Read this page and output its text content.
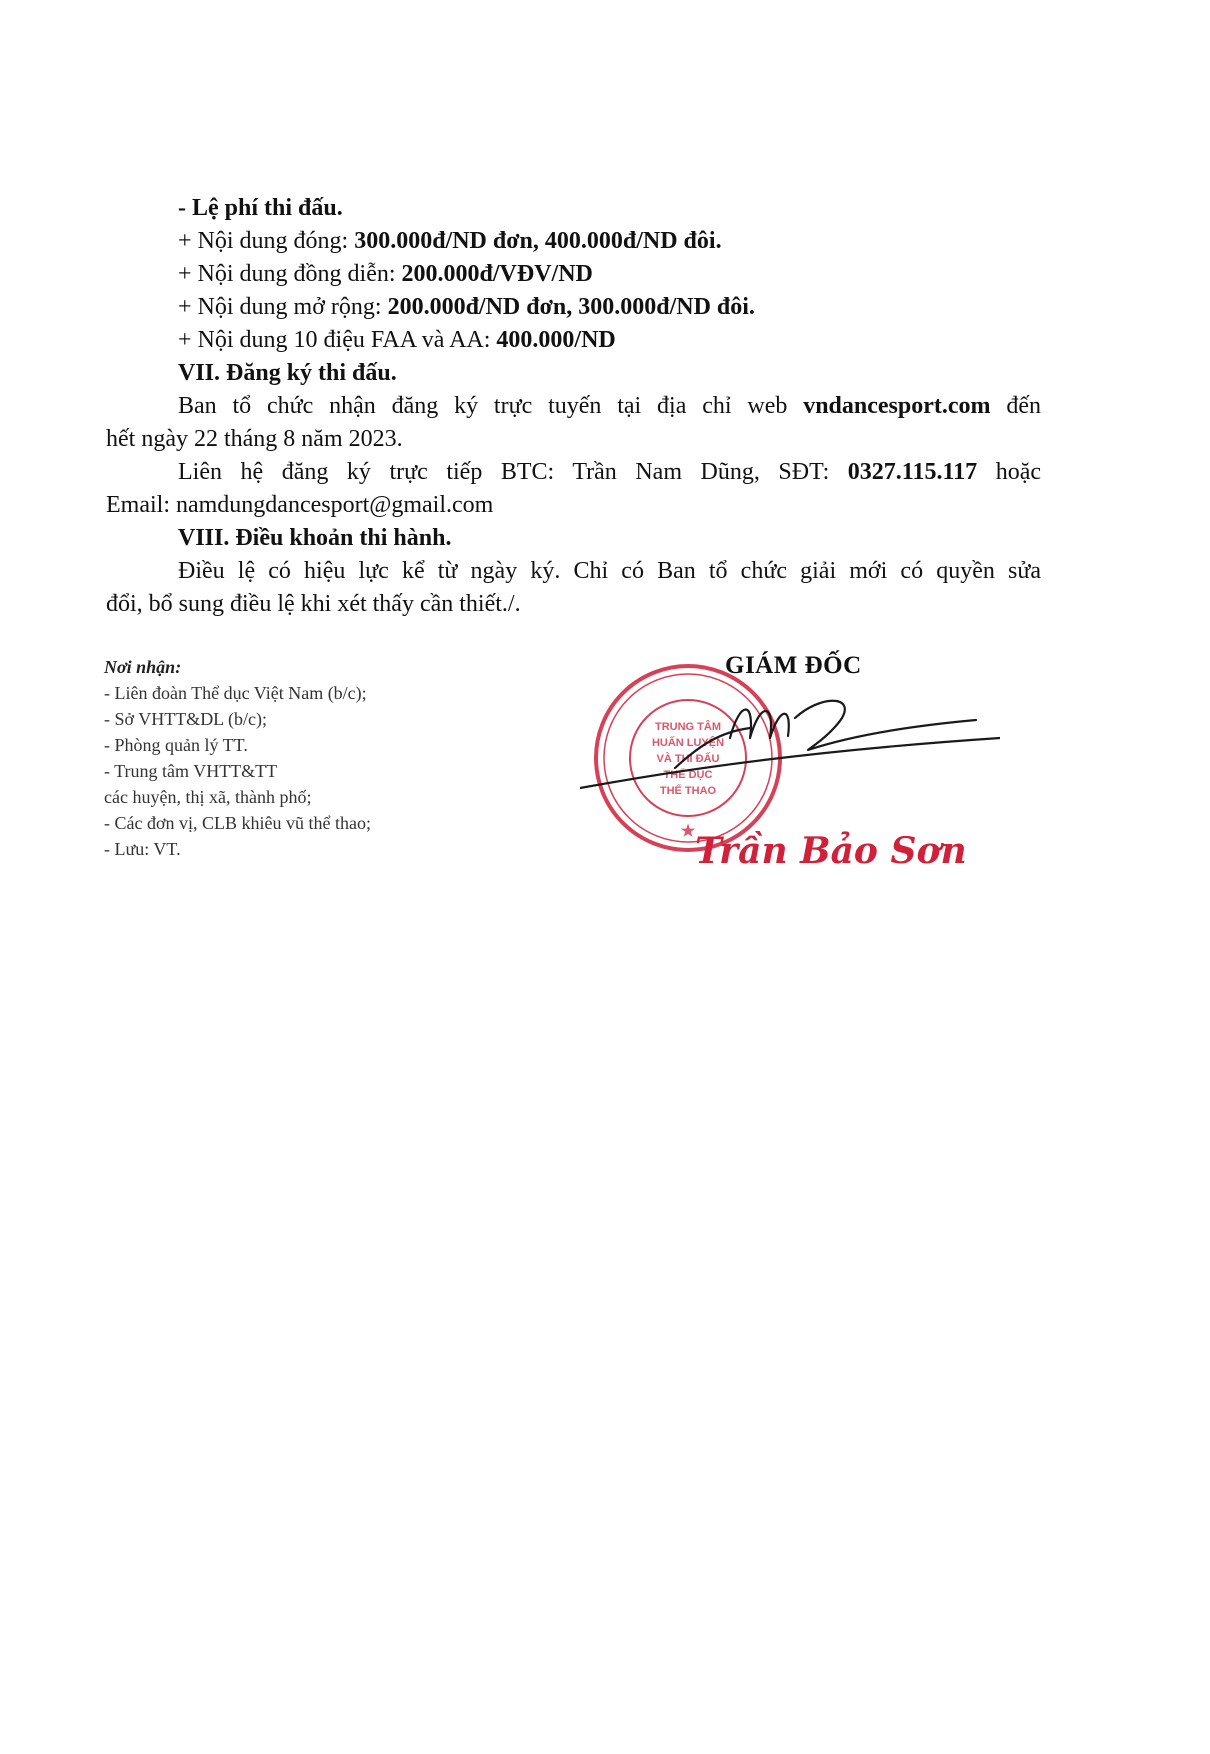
- Lệ phí thi đấu.
+ Nội dung đóng: 300.000đ/ND đơn, 400.000đ/ND đôi.
+ Nội dung đồng diễn: 200.000đ/VĐV/ND
+ Nội dung mở rộng: 200.000đ/ND đơn, 300.000đ/ND đôi.
+ Nội dung 10 điệu FAA và AA: 400.000/ND
VII. Đăng ký thi đấu.
Ban tổ chức nhận đăng ký trực tuyến tại địa chỉ web vndancesport.com đến
hết ngày 22 tháng 8 năm 2023.
Liên hệ đăng ký trực tiếp BTC: Trần Nam Dũng, SĐT: 0327.115.117 hoặc
Email: namdungdancesport@gmail.com
VIII. Điều khoản thi hành.
Điều lệ có hiệu lực kể từ ngày ký. Chỉ có Ban tổ chức giải mới có quyền sửa
đổi, bổ sung điều lệ khi xét thấy cần thiết./.
Nơi nhận:
- Liên đoàn Thể dục Việt Nam (b/c);
- Sở VHTT&DL (b/c);
- Phòng quản lý TT.
- Trung tâm VHTT&TT
các huyện, thị xã, thành phố;
- Các đơn vị, CLB khiêu vũ thể thao;
- Lưu: VT.
TRUNG TÂM
HUẤN LUYỆN
VÀ THI ĐẤU
THỂ DỤC
THỂ THAO
★
GIÁM ĐỐC
Trần Bảo Sơn
